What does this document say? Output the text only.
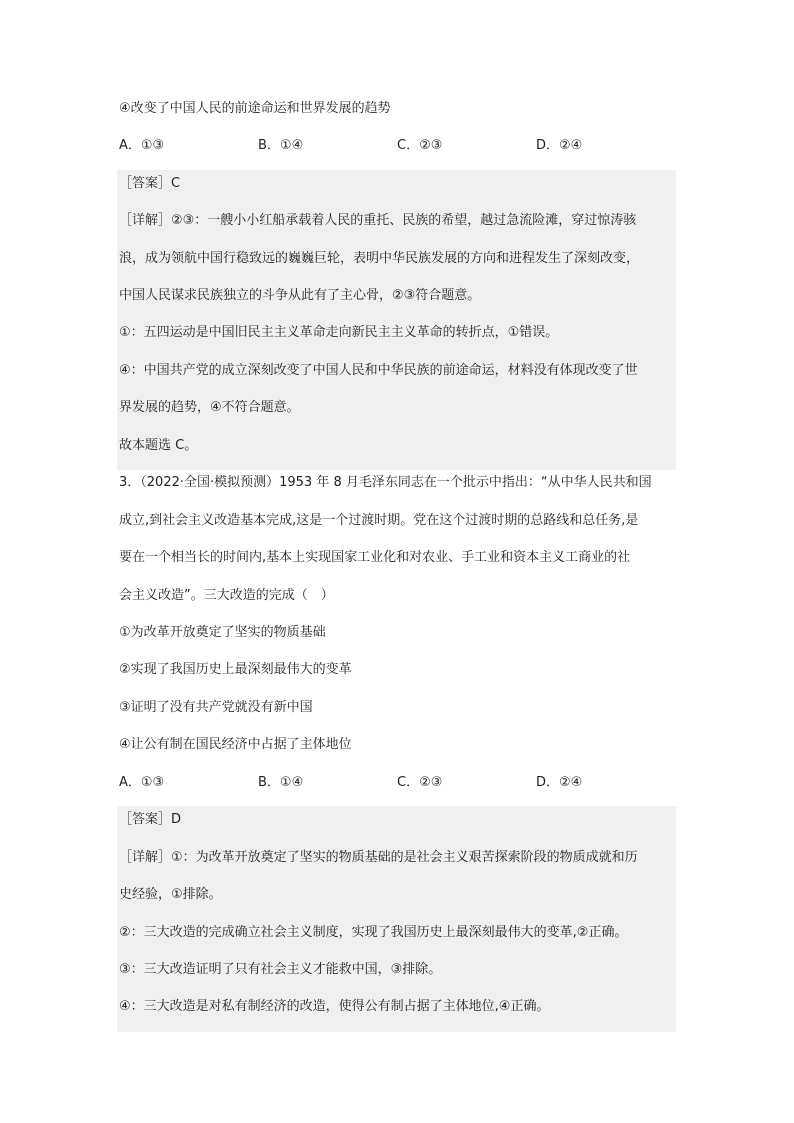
④改变了中国人民的前途命运和世界发展的趋势
A．①③	B．①④	C．②③	D．②④
［答案］C
［详解］②③：一艘小小红船承载着人民的重托、民族的希望，越过急流险滩，穿过惊涛骇
浪，成为领航中国行稳致远的巍巍巨轮，表明中华民族发展的方向和进程发生了深刻改变，
中国人民谋求民族独立的斗争从此有了主心骨，②③符合题意。
①：五四运动是中国旧民主主义革命走向新民主主义革命的转折点，①错误。
④：中国共产党的成立深刻改变了中国人民和中华民族的前途命运，材料没有体现改变了世
界发展的趋势，④不符合题意。
故本题选 C。
3．（2022·全国·模拟预测）1953 年 8 月毛泽东同志在一个批示中指出：“从中华人民共和国
成立,到社会主义改造基本完成,这是一个过渡时期。党在这个过渡时期的总路线和总任务,是
要在一个相当长的时间内,基本上实现国家工业化和对农业、手工业和资本主义工商业的社
会主义改造”。三大改造的完成（　）
①为改革开放奠定了坚实的物质基础
②实现了我国历史上最深刻最伟大的变革
③证明了没有共产党就没有新中国
④让公有制在国民经济中占据了主体地位
A．①③	B．①④	C．②③	D．②④
［答案］D
［详解］①：为改革开放奠定了坚实的物质基础的是社会主义艰苦探索阶段的物质成就和历
史经验，①排除。
②：三大改造的完成确立社会主义制度，实现了我国历史上最深刻最伟大的变革,②正确。
③：三大改造证明了只有社会主义才能救中国，③排除。
④：三大改造是对私有制经济的改造，使得公有制占据了主体地位,④正确。
